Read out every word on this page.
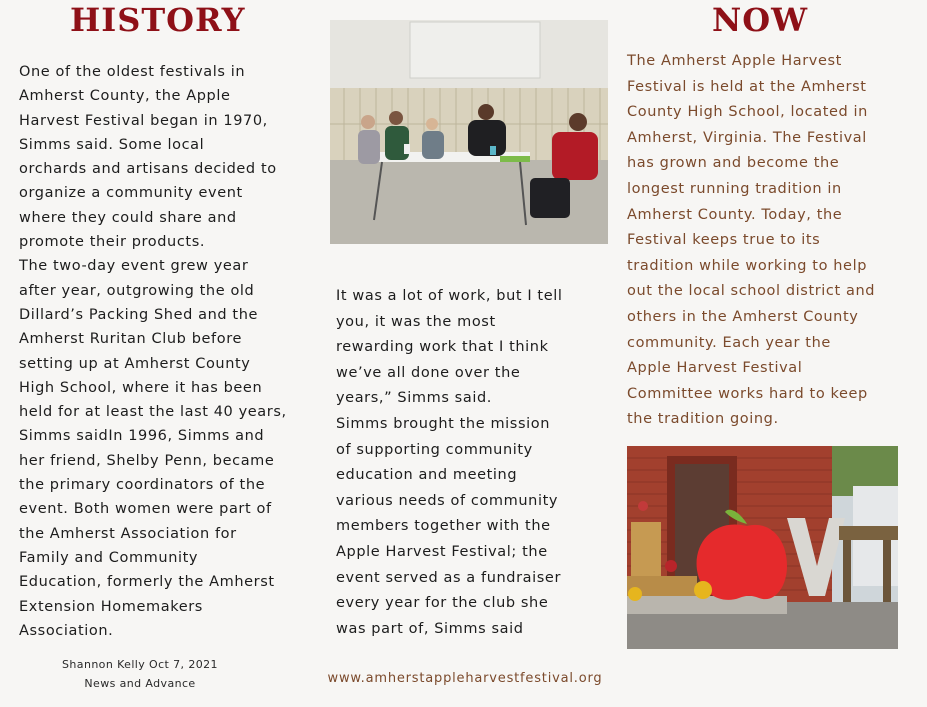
HISTORY

One of the oldest festivals in
Amherst County, the Apple
Harvest Festival began in 1970,
Simms said. Some local
orchards and artisans decided to
organize a community event
where they could share and
promote their products.
The two-day event grew year
after year, outgrowing the old
Dillard’s Packing Shed and the
Amherst Ruritan Club before
setting up at Amherst County
High School, where it has been
held for at least the last 40 years,
Simms saidIn 1996, Simms and
her friend, Shelby Penn, became
the primary coordinators of the
event. Both women were part of
the Amherst Association for
Family and Community
Education, formerly the Amherst
Extension Homemakers
Association.

It was a lot of work, but I tell
you, it was the most
rewarding work that I think
we’ve all done over the
years,” Simms said.
Simms brought the mission
of supporting community
education and meeting
various needs of community
members together with the
Apple Harvest Festival; the
event served as a fundraiser
every year for the club she
was part of, Simms said

NOW

The Amherst Apple Harvest
Festival is held at the Amherst
County High School, located in
Amherst, Virginia. The Festival
has grown and become the
longest running tradition in
Amherst County. Today, the
Festival keeps true to its
tradition while working to help
out the local school district and
others in the Amherst County
community. Each year the
Apple Harvest Festival
Committee works hard to keep
the tradition going.

Shannon Kelly Oct 7, 2021

News and Advance	www.amherstappleharvestfestival.org
